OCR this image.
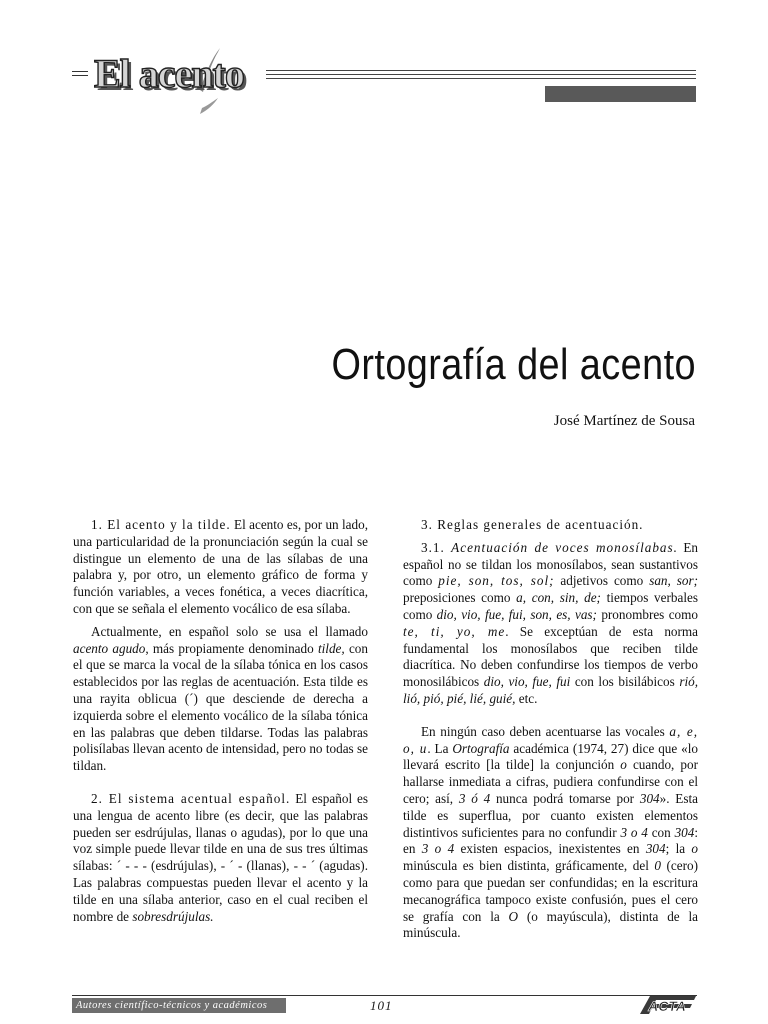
El acento
Ortografía del acento
José Martínez de Sousa

1. El acento y la tilde. El acento es, por un lado, una particularidad de la pronunciación según la cual se distingue un elemento de una de las sílabas de una palabra y, por otro, un elemento gráfico de forma y función variables, a veces fonética, a veces diacrítica, con que se señala el elemento vocálico de esa sílaba.

Actualmente, en español solo se usa el llamado acento agudo, más propiamente denominado tilde, con el que se marca la vocal de la sílaba tónica en los casos establecidos por las reglas de acentuación. Esta tilde es una rayita oblicua (´) que desciende de derecha a izquierda sobre el elemento vocálico de la sílaba tónica en las palabras que deben tildarse. Todas las palabras polisílabas llevan acento de intensidad, pero no todas se tildan.

2. El sistema acentual español. El español es una lengua de acento libre (es decir, que las palabras pueden ser esdrújulas, llanas o agudas), por lo que una voz simple puede llevar tilde en una de sus tres últimas sílabas: ´ - - - (esdrújulas), - ´ - (llanas), - - ´ (agudas). Las palabras compuestas pueden llevar el acento y la tilde en una sílaba anterior, caso en el cual reciben el nombre de sobresdrújulas.

3. Reglas generales de acentuación.

3.1. Acentuación de voces monosílabas. En español no se tildan los monosílabos, sean sustantivos como pie, son, tos, sol; adjetivos como san, sor; preposiciones como a, con, sin, de; tiempos verbales como dio, vio, fue, fui, son, es, vas; pronombres como te, ti, yo, me. Se exceptúan de esta norma fundamental los monosílabos que reciben tilde diacrítica. No deben confundirse los tiempos de verbo monosilábicos dio, vio, fue, fui con los bisilábicos rió, lió, pió, pié, lié, guié, etc.

En ningún caso deben acentuarse las vocales a, e, o, u. La Ortografía académica (1974, 27) dice que «lo llevará escrito [la tilde] la conjunción o cuando, por hallarse inmediata a cifras, pudiera confundirse con el cero; así, 3 ó 4 nunca podrá tomarse por 304». Esta tilde es superflua, por cuanto existen elementos distintivos suficientes para no confundir 3 o 4 con 304: en 3 o 4 existen espacios, inexistentes en 304; la o minúscula es bien distinta, gráficamente, del 0 (cero) como para que puedan ser confundidas; en la escritura mecanográfica tampoco existe confusión, pues el cero se grafía con la O (o mayúscula), distinta de la minúscula.

Autores científico-técnicos y académicos	101	ACTA
